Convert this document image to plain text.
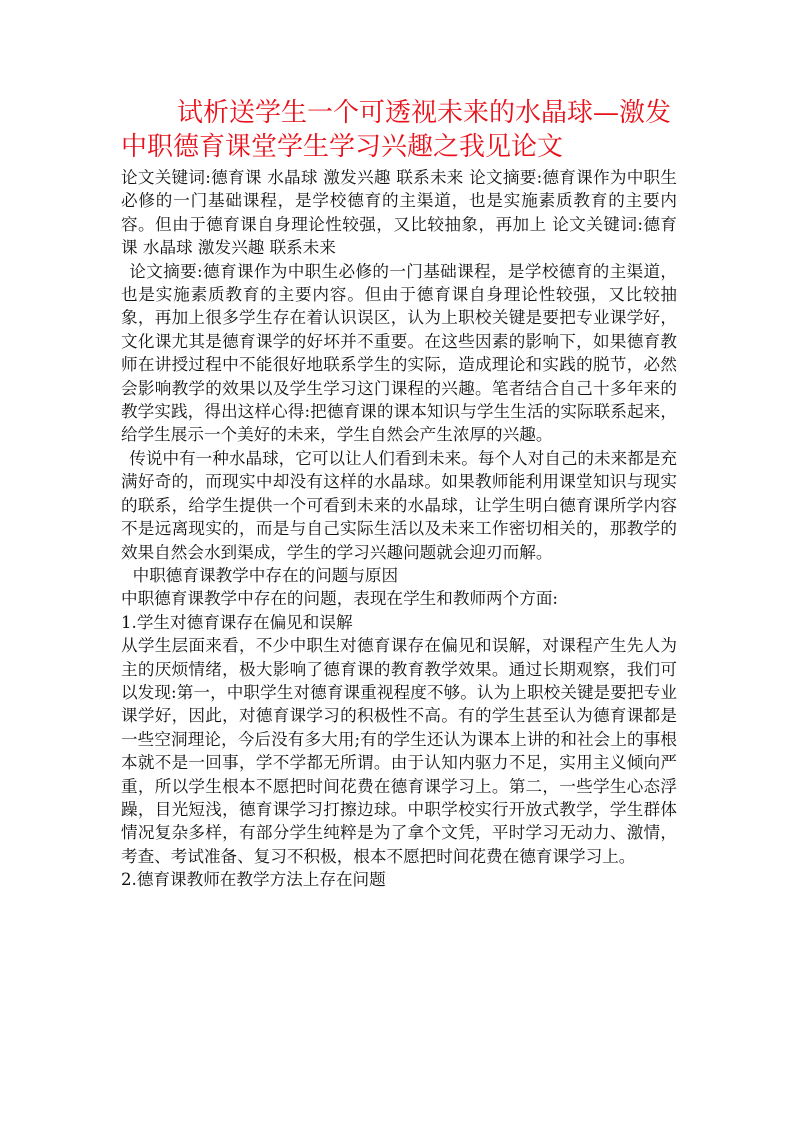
试析送学生一个可透视未来的水晶球—激发中职德育课堂学生学习兴趣之我见论文

论文关键词:德育课 水晶球 激发兴趣 联系未来 论文摘要:德育课作为中职生必修的一门基础课程，是学校德育的主渠道，也是实施素质教育的主要内容。但由于德育课自身理论性较强，又比较抽象，再加上 论文关键词:德育课 水晶球 激发兴趣 联系未来

论文摘要:德育课作为中职生必修的一门基础课程，是学校德育的主渠道，也是实施素质教育的主要内容。但由于德育课自身理论性较强，又比较抽象，再加上很多学生存在着认识误区，认为上职校关键是要把专业课学好，文化课尤其是德育课学的好坏并不重要。在这些因素的影响下，如果德育教师在讲授过程中不能很好地联系学生的实际，造成理论和实践的脱节，必然会影响教学的效果以及学生学习这门课程的兴趣。笔者结合自己十多年来的教学实践，得出这样心得:把德育课的课本知识与学生生活的实际联系起来，给学生展示一个美好的未来，学生自然会产生浓厚的兴趣。

传说中有一种水晶球，它可以让人们看到未来。每个人对自己的未来都是充满好奇的，而现实中却没有这样的水晶球。如果教师能利用课堂知识与现实的联系，给学生提供一个可看到未来的水晶球，让学生明白德育课所学内容不是远离现实的，而是与自己实际生活以及未来工作密切相关的，那教学的效果自然会水到渠成，学生的学习兴趣问题就会迎刃而解。

中职德育课教学中存在的问题与原因

中职德育课教学中存在的问题，表现在学生和教师两个方面:

1.学生对德育课存在偏见和误解

从学生层面来看，不少中职生对德育课存在偏见和误解，对课程产生先人为主的厌烦情绪，极大影响了德育课的教育教学效果。通过长期观察，我们可以发现:第一，中职学生对德育课重视程度不够。认为上职校关键是要把专业课学好，因此，对德育课学习的积极性不高。有的学生甚至认为德育课都是一些空洞理论，今后没有多大用;有的学生还认为课本上讲的和社会上的事根本就不是一回事，学不学都无所谓。由于认知内驱力不足，实用主义倾向严重，所以学生根本不愿把时间花费在德育课学习上。第二，一些学生心态浮躁，目光短浅，德育课学习打擦边球。中职学校实行开放式教学，学生群体情况复杂多样，有部分学生纯粹是为了拿个文凭，平时学习无动力、激情，考查、考试准备、复习不积极，根本不愿把时间花费在德育课学习上。

2.德育课教师在教学方法上存在问题
